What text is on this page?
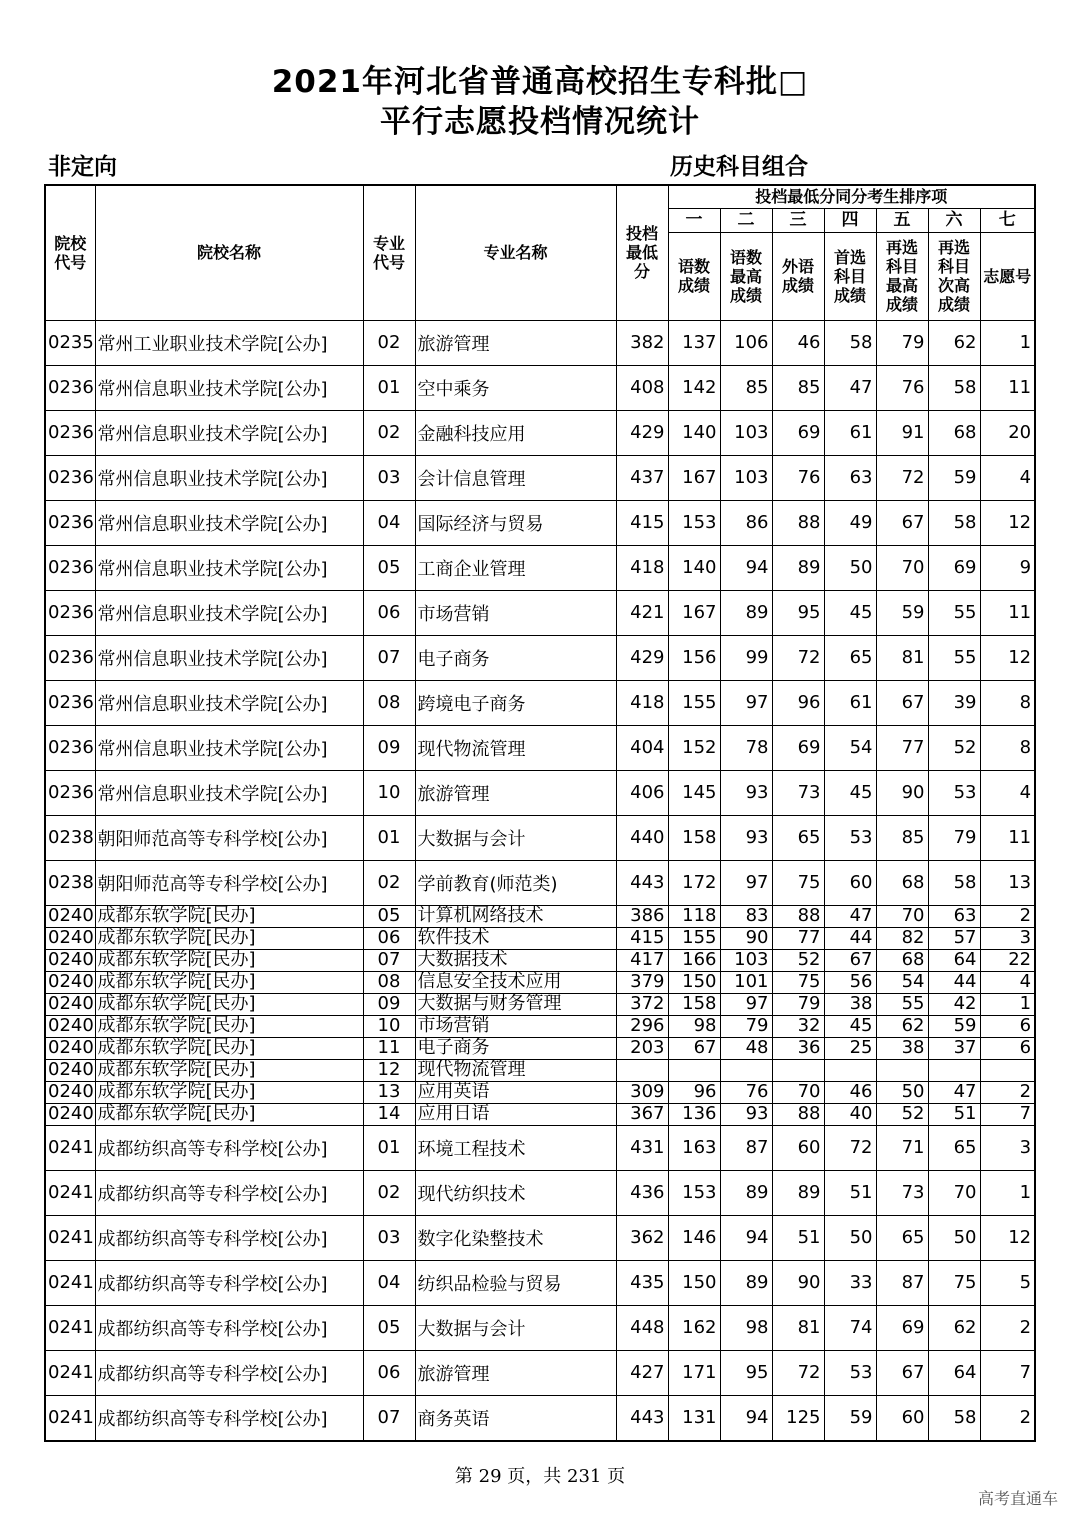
2021年河北省普通高校招生专科批□
平行志愿投档情况统计
非定向	历史科目组合
院校代号	院校名称	专业代号	专业名称	投档最低分	投档最低分同分考生排序项						
					一	二	三	四	五	六	七
					语数成绩	语数最高成绩	外语成绩	首选科目成绩	再选科目最高成绩	再选科目次高成绩	志愿号
0235	常州工业职业技术学院[公办]	02	旅游管理	382	137	106	46	58	79	62	1
0236	常州信息职业技术学院[公办]	01	空中乘务	408	142	85	85	47	76	58	11
0236	常州信息职业技术学院[公办]	02	金融科技应用	429	140	103	69	61	91	68	20
0236	常州信息职业技术学院[公办]	03	会计信息管理	437	167	103	76	63	72	59	4
0236	常州信息职业技术学院[公办]	04	国际经济与贸易	415	153	86	88	49	67	58	12
0236	常州信息职业技术学院[公办]	05	工商企业管理	418	140	94	89	50	70	69	9
0236	常州信息职业技术学院[公办]	06	市场营销	421	167	89	95	45	59	55	11
0236	常州信息职业技术学院[公办]	07	电子商务	429	156	99	72	65	81	55	12
0236	常州信息职业技术学院[公办]	08	跨境电子商务	418	155	97	96	61	67	39	8
0236	常州信息职业技术学院[公办]	09	现代物流管理	404	152	78	69	54	77	52	8
0236	常州信息职业技术学院[公办]	10	旅游管理	406	145	93	73	45	90	53	4
0238	朝阳师范高等专科学校[公办]	01	大数据与会计	440	158	93	65	53	85	79	11
0238	朝阳师范高等专科学校[公办]	02	学前教育(师范类)	443	172	97	75	60	68	58	13
0240	成都东软学院[民办]	05	计算机网络技术	386	118	83	88	47	70	63	2
0240	成都东软学院[民办]	06	软件技术	415	155	90	77	44	82	57	3
0240	成都东软学院[民办]	07	大数据技术	417	166	103	52	67	68	64	22
0240	成都东软学院[民办]	08	信息安全技术应用	379	150	101	75	56	54	44	4
0240	成都东软学院[民办]	09	大数据与财务管理	372	158	97	79	38	55	42	1
0240	成都东软学院[民办]	10	市场营销	296	98	79	32	45	62	59	6
0240	成都东软学院[民办]	11	电子商务	203	67	48	36	25	38	37	6
0240	成都东软学院[民办]	12	现代物流管理								
0240	成都东软学院[民办]	13	应用英语	309	96	76	70	46	50	47	2
0240	成都东软学院[民办]	14	应用日语	367	136	93	88	40	52	51	7
0241	成都纺织高等专科学校[公办]	01	环境工程技术	431	163	87	60	72	71	65	3
0241	成都纺织高等专科学校[公办]	02	现代纺织技术	436	153	89	89	51	73	70	1
0241	成都纺织高等专科学校[公办]	03	数字化染整技术	362	146	94	51	50	65	50	12
0241	成都纺织高等专科学校[公办]	04	纺织品检验与贸易	435	150	89	90	33	87	75	5
0241	成都纺织高等专科学校[公办]	05	大数据与会计	448	162	98	81	74	69	62	2
0241	成都纺织高等专科学校[公办]	06	旅游管理	427	171	95	72	53	67	64	7
0241	成都纺织高等专科学校[公办]	07	商务英语	443	131	94	125	59	60	58	2
第 29 页，共 231 页
高考直通车
